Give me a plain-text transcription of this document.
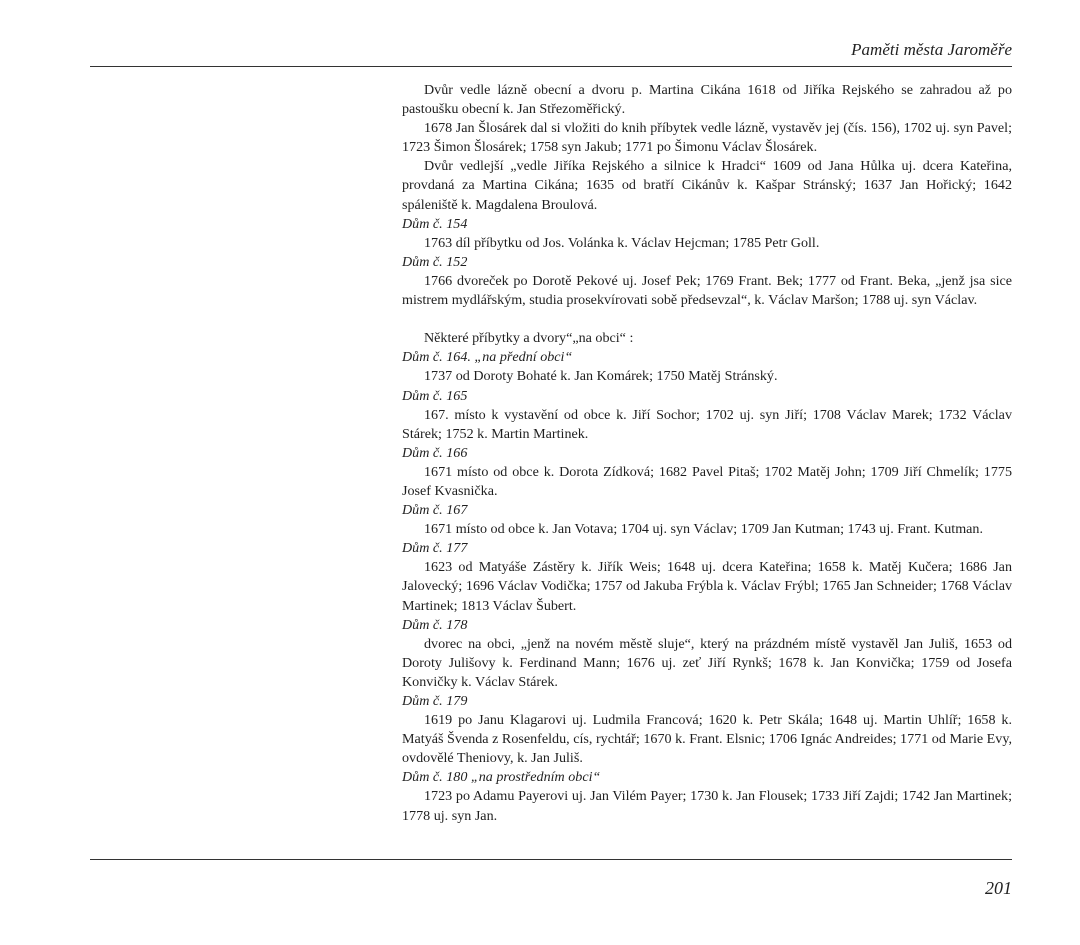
Paměti města Jaroměře

Dvůr vedle lázně obecní a dvoru p. Martina Cikána 1618 od Jiříka Rejského se zahradou až po pastoušku obecní k. Jan Střezoměřický.

1678 Jan Šlosárek dal si vložiti do knih příbytek vedle lázně, vystavěv jej (čís. 156), 1702 uj. syn Pavel; 1723 Šimon Šlosárek; 1758 syn Jakub; 1771 po Šimonu Václav Šlosárek.

Dvůr vedlejší „vedle Jiříka Rejského a silnice k Hradci“ 1609 od Jana Hůlka uj. dcera Kateřina, provdaná za Martina Cikána; 1635 od bratří Cikánův k. Kašpar Stránský; 1637 Jan Hořický; 1642 spáleniště k. Magdalena Broulová.

Dům č. 154

1763 díl příbytku od Jos. Volánka k. Václav Hejcman; 1785 Petr Goll.

Dům č. 152

1766 dvoreček po Dorotě Pekové uj. Josef Pek; 1769 Frant. Bek; 1777 od Frant. Beka, „jenž jsa sice mistrem mydlářským, studia prosekvírovati sobě předsevzal“, k. Václav Maršon; 1788 uj. syn Václav.

Některé příbytky a dvory“„na obci“ :

Dům č. 164. „na přední obci“

1737 od Doroty Bohaté k. Jan Komárek; 1750 Matěj Stránský.

Dům č. 165

167. místo k vystavění od obce k. Jiří Sochor; 1702 uj. syn Jiří; 1708 Václav Marek; 1732 Václav Stárek; 1752 k. Martin Martinek.

Dům č. 166

1671 místo od obce k. Dorota Zídková; 1682 Pavel Pitaš; 1702 Matěj John; 1709 Jiří Chmelík; 1775 Josef Kvasnička.

Dům č. 167

1671 místo od obce k. Jan Votava; 1704 uj. syn Václav; 1709 Jan Kutman; 1743 uj. Frant. Kutman.

Dům č. 177

1623 od Matyáše Zástěry k. Jiřík Weis; 1648 uj. dcera Kateřina; 1658 k. Matěj Kučera; 1686 Jan Jalovecký; 1696 Václav Vodička; 1757 od Jakuba Frýbla k. Václav Frýbl; 1765 Jan Schneider; 1768 Václav Martinek; 1813 Václav Šubert.

Dům č. 178

dvorec na obci, „jenž na novém městě sluje“, který na prázdném místě vystavěl Jan Juliš, 1653 od Doroty Julišovy k. Ferdinand Mann; 1676 uj. zeť Jiří Rynkš; 1678 k. Jan Konvička; 1759 od Josefa Konvičky k. Václav Stárek.

Dům č. 179

1619 po Janu Klagarovi uj. Ludmila Francová; 1620 k. Petr Skála; 1648 uj. Martin Uhlíř; 1658 k. Matyáš Švenda z Rosenfeldu, cís, rychtář; 1670 k. Frant. Elsnic; 1706 Ignác Andreides; 1771 od Marie Evy, ovdovělé Theniovy, k. Jan Juliš.

Dům č. 180 „na prostředním obci“

1723 po Adamu Payerovi uj. Jan Vilém Payer; 1730 k. Jan Flousek; 1733 Jiří Zajdi; 1742 Jan Martinek; 1778 uj. syn Jan.

201
